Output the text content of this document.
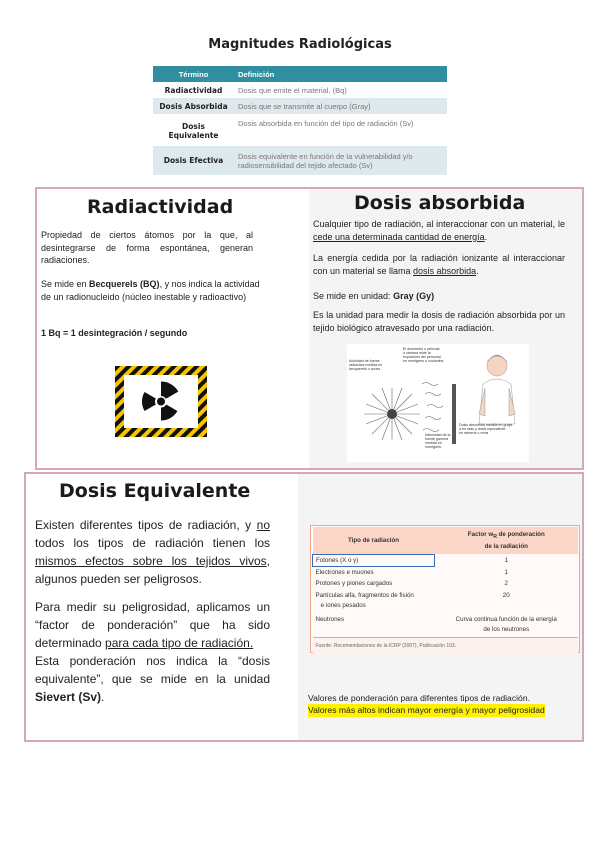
Magnitudes Radiológicas
Término	Definición
Radiactividad	Dosis que emite el material. (Bq)
Dosis Absorbida	Dosis que se transmite al cuerpo (Gray)
Dosis Equivalente	Dosis absorbida en función del tipo de radiación (Sv)
Dosis Efectiva	Dosis equivalente en función de la vulnerabilidad y/o radiosensibilidad del tejido afectado (Sv)
Radiactividad
Propiedad de ciertos átomos por la que, al desintegrarse de forma espontánea, generan radiaciones.
Se mide en Becquerels (BQ), y nos indica la actividad de un radionucleido (núcleo inestable y radioactivo)
1 Bq = 1 desintegración / segundo
Dosis absorbida
Cualquier tipo de radiación, al interaccionar con un material, le cede una determinada cantidad de energía.
La energía cedida por la radiación ionizante al interaccionar con un material se llama dosis absorbida.
Se mide en unidad: Gray (Gy)
Es la unidad para medir la dosis de radiación absorbida por un tejido biológico atravesado por una radiación.
Actividad de fuente
radiactiva medida en
becquerels o curies
El dosímetro o película
o cámara mide la
exposición del personal
en roentgens o coulombs
Intensidad de la
fuente gamma
medida en
roentgens
Dosis absorbida medida en grays
o en rads y dosis equivalente
en sieverts o rems
Dosis Equivalente
Existen diferentes tipos de radiación, y no todos los tipos de radiación tienen los mismos efectos sobre los tejidos vivos, algunos pueden ser peligrosos.
Para medir su peligrosidad, aplicamos un “factor de ponderación” que ha sido determinado para cada tipo de radiación.
Esta ponderación nos indica la “dosis equivalente”, que se mide en la unidad Sievert (Sv).	Valores de ponderación para diferentes tipos de radiación.
Valores más altos indican mayor energía y mayor peligrosidad
Tipo de radiación	Factor $w_R$ de ponderación
de la radiación
Fotones (X o γ)	1
Electrones e muones	1
Protones y piones cargados	2
Partículas alfa, fragmentos de fisión
e iones pesados	20
Neutrones	Curva continua función de la energía
de los neutrones
Fuente: Recomendaciones de la ICRP (2007), Publicación 103.	
